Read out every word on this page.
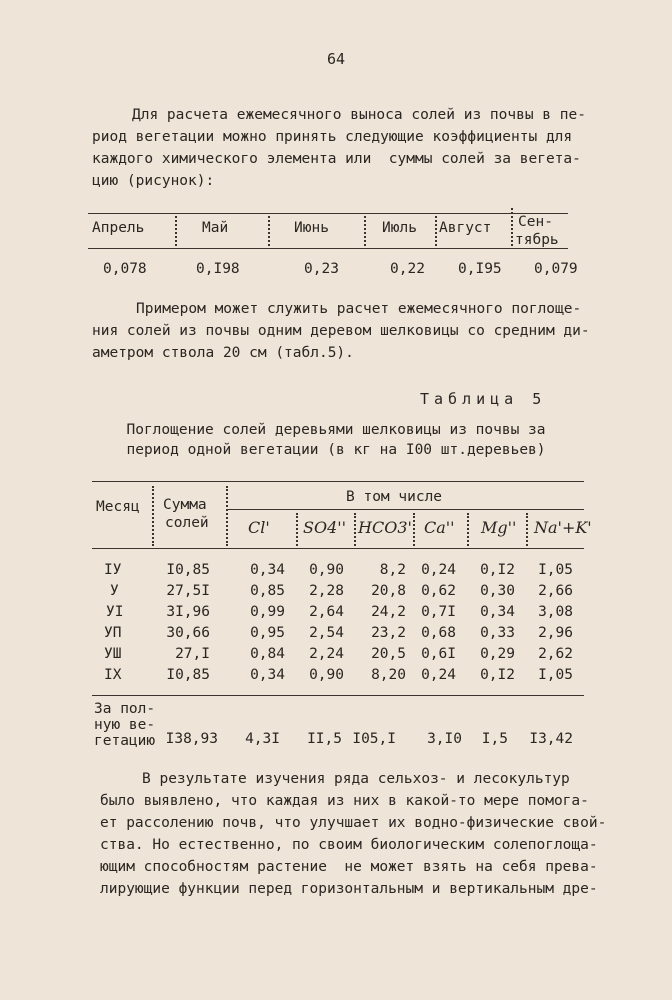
64
Для расчета ежемесячного выноса солей из почвы в пе-
риод вегетации можно принять следующие коэффициенты для
каждого химического элемента или  суммы солей за вегета-
цию (рисунок):
Апрель	Май	Июнь	Июль Август Сен-
тябрь
0,078	0,I98	0,23	0,22 0,I95 0,079
Примером может служить расчет ежемесячного поглоще-
ния солей из почвы одним деревом шелковицы со средним ди-
аметром ствола 20 см (табл.5).
Таблица 5
Поглощение солей деревьями шелковицы из почвы за
период одной вегетации (в кг на I00 шт.деревьев)
Месяц Сумма
солей
В том числе
Cl' SO4'' HCO3' Ca'' Mg'' Na'+K'
IУ	I0,85	0,34	0,90	8,2	0,24	0,I2	I,05
У	27,5I	0,85	2,28	20,8	0,62	0,30	2,66
УI	3I,96	0,99	2,64	24,2	0,7I	0,34	3,08
УП	30,66	0,95	2,54	23,2	0,68	0,33	2,96
УШ	27,I	0,84	2,24	20,5	0,6I	0,29	2,62
IX	I0,85	0,34	0,90	8,20	0,24	0,I2	I,05
За пол-
ную ве-
гетацию I38,93	4,3I	II,5 I05,I	3,I0	I,5	I3,42
В результате изучения ряда сельхоз- и лесокультур
было выявлено, что каждая из них в какой-то мере помога-
ет рассолению почв, что улучшает их водно-физические свой-
ства. Но естественно, по своим биологическим солепоглоща-
ющим способностям растение  не может взять на себя прева-
лирующие функции перед горизонтальным и вертикальным дре-
